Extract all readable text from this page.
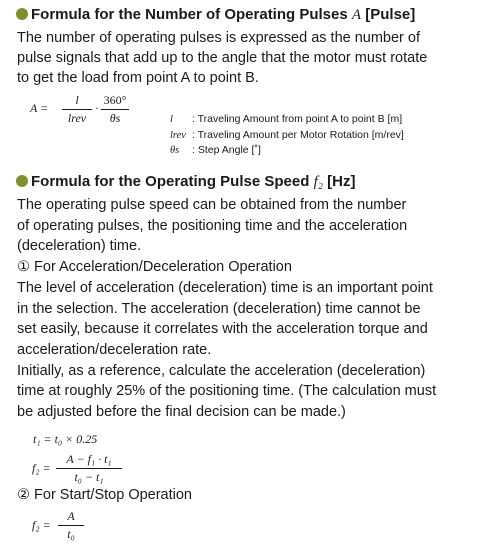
Formula for the Number of Operating Pulses A [Pulse]
The number of operating pulses is expressed as the number of
pulse signals that add up to the angle that the motor must rotate
to get the load from point A to point B.
A =
l
lrev
·
360°
θs	l : Traveling Amount from point A to point B [m]
lrev : Traveling Amount per Motor Rotation [m/rev]
θs : Step Angle [˚]
Formula for the Operating Pulse Speed f₂ [Hz]
The operating pulse speed can be obtained from the number
of operating pulses, the positioning time and the acceleration
(deceleration) time.
① For Acceleration/Deceleration Operation
The level of acceleration (deceleration) time is an important point
in the selection. The acceleration (deceleration) time cannot be
set easily, because it correlates with the acceleration torque and
acceleration/deceleration rate.
Initially, as a reference, calculate the acceleration (deceleration)
time at roughly 25% of the positioning time. (The calculation must
be adjusted before the final decision can be made.)
t₁ = t₀ × 0.25
f₂ =
A − f₁ · t₁
t₀ − t₁
② For Start/Stop Operation
f₂ =
A
t₀
